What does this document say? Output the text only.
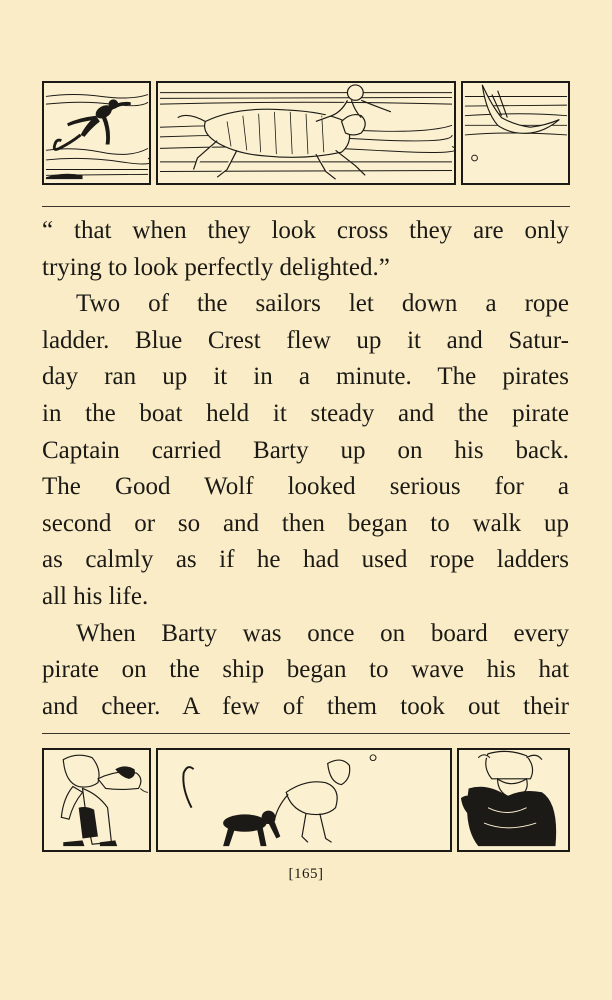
“ that when they look cross they are only
trying to look perfectly delighted.”
Two of the sailors let down a rope
ladder. Blue Crest flew up it and Satur-
day ran up it in a minute. The pirates
in the boat held it steady and the pirate
Captain carried Barty up on his back.
The Good Wolf looked serious for a
second or so and then began to walk up
as calmly as if he had used rope ladders
all his life.
When Barty was once on board every
pirate on the ship began to wave his hat
and cheer. A few of them took out their
[165]
